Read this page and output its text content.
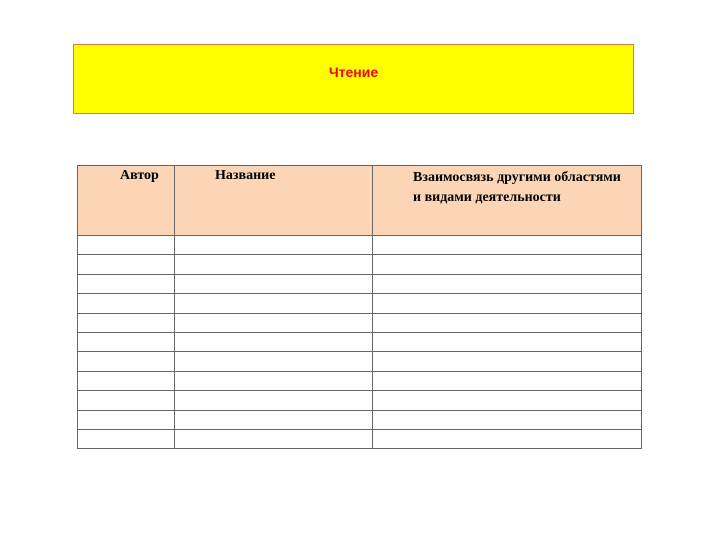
Чтение
Автор	Название	Взаимосвязь другими областями и видами деятельности
